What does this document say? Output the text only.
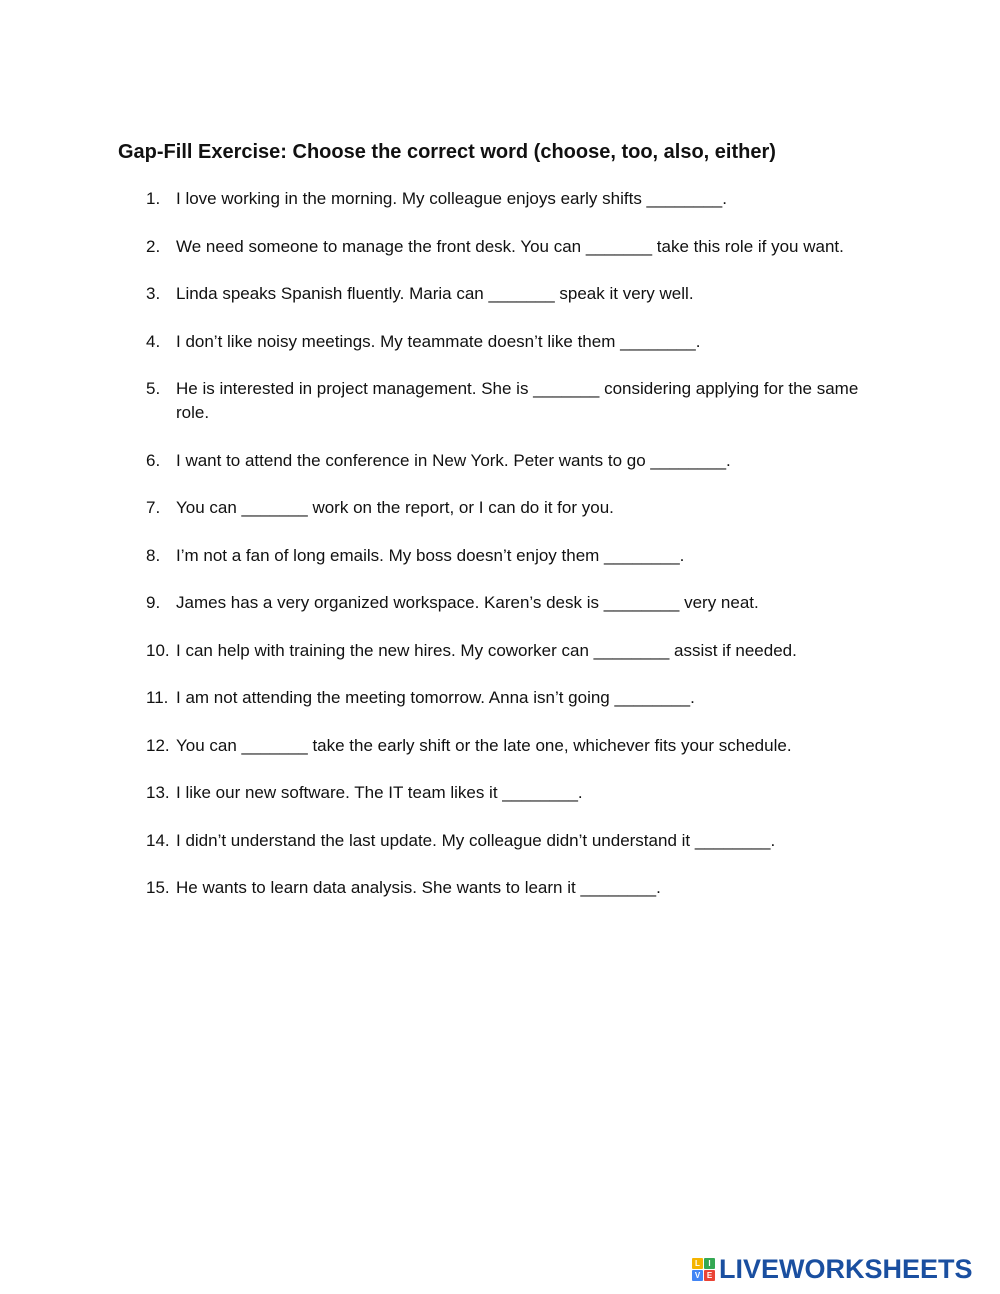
Gap-Fill Exercise: Choose the correct word (choose, too, also, either)
1. I love working in the morning. My colleague enjoys early shifts ________.
2. We need someone to manage the front desk. You can _______ take this role if you want.
3. Linda speaks Spanish fluently. Maria can _______ speak it very well.
4. I don’t like noisy meetings. My teammate doesn’t like them ________.
5. He is interested in project management. She is _______ considering applying for the same role.
6. I want to attend the conference in New York. Peter wants to go ________.
7. You can _______ work on the report, or I can do it for you.
8. I’m not a fan of long emails. My boss doesn’t enjoy them ________.
9. James has a very organized workspace. Karen’s desk is ________ very neat.
10. I can help with training the new hires. My coworker can ________ assist if needed.
11. I am not attending the meeting tomorrow. Anna isn’t going ________.
12. You can _______ take the early shift or the late one, whichever fits your schedule.
13. I like our new software. The IT team likes it ________.
14. I didn’t understand the last update. My colleague didn’t understand it ________.
15. He wants to learn data analysis. She wants to learn it ________.
L	I
V E LIVEWORKSHEETS
